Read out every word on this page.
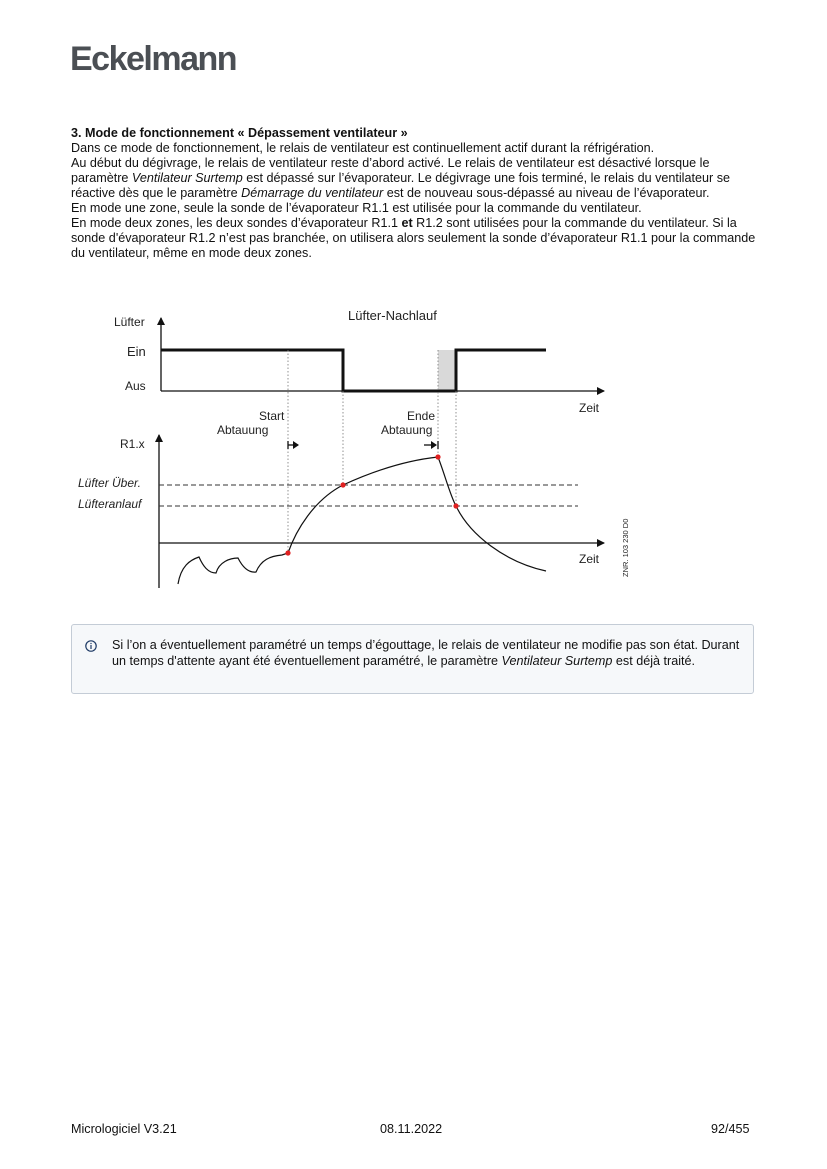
Eckelmann
3. Mode de fonctionnement « Dépassement ventilateur »

Dans ce mode de fonctionnement, le relais de ventilateur est continuellement actif durant la réfrigération.

Au début du dégivrage, le relais de ventilateur reste d’abord activé. Le relais de ventilateur est désactivé lorsque le paramètre Ventilateur Surtemp est dépassé sur l’évaporateur. Le dégivrage une fois terminé, le relais du ventilateur se réactive dès que le paramètre Démarrage du ventilateur est de nouveau sous-dépassé au niveau de l’évaporateur.

En mode une zone, seule la sonde de l’évaporateur R1.1 est utilisée pour la commande du ventilateur.

En mode deux zones, les deux sondes d’évaporateur R1.1 et R1.2 sont utilisées pour la commande du ventilateur. Si la sonde d'évaporateur R1.2 n’est pas branchée, on utilisera alors seulement la sonde d’évaporateur R1.1 pour la commande du ventilateur, même en mode deux zones.

Lüfter-Nachlauf
Lüfter
Ein
Aus
Zeit
Start
Abtauung
Ende
Abtauung
R1.x
Lüfter Über.
Lüfteranlauf
Zeit	ZNR. 103 230 D0
Si l’on a éventuellement paramétré un temps d’égouttage, le relais de ventilateur ne modifie pas son état. Durant un temps d'attente ayant été éventuellement paramétré, le paramètre Ventilateur Surtemp est déjà traité.
Micrologiciel V3.21	08.11.2022	92/455
